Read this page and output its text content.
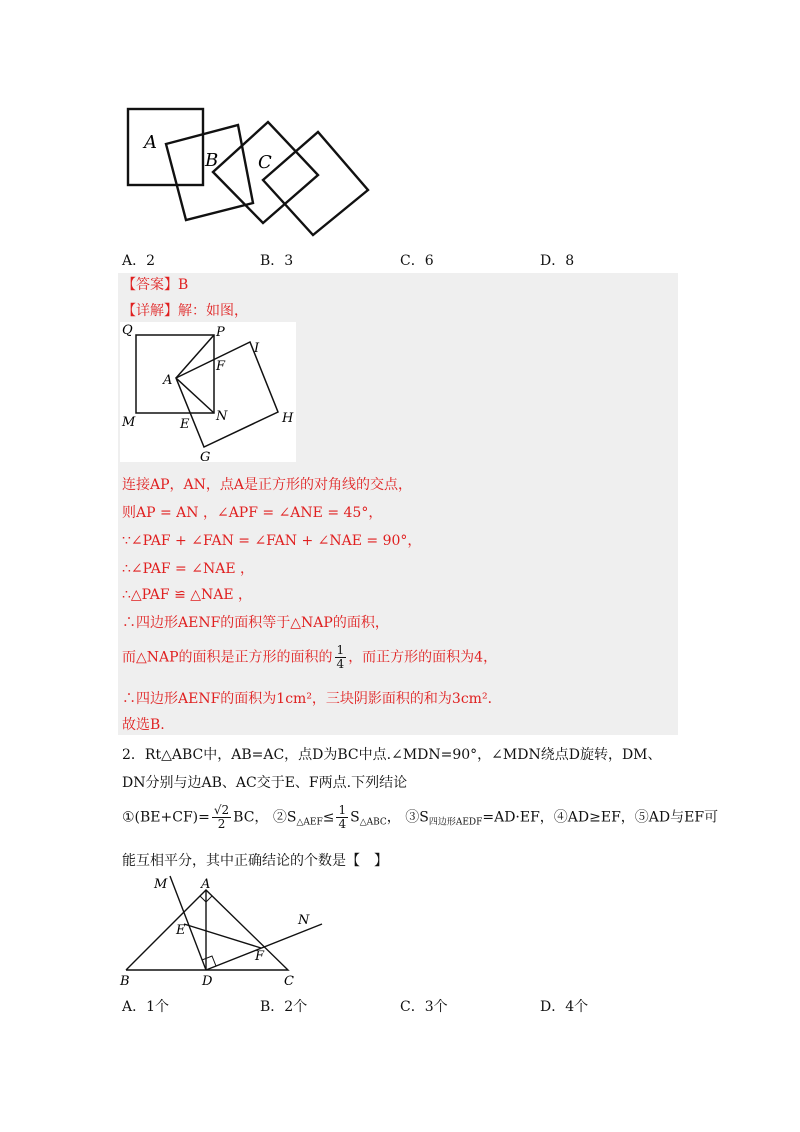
A
B C
A．2	B．3	C．6	D．8
【答案】B
【详解】解：如图，
Q	P
I
A
F
M	N
E	H
G
连接AP，AN，点A是正方形的对角线的交点，
则AP = AN ，∠APF = ∠ANE = 45°，
∵∠PAF + ∠FAN = ∠FAN + ∠NAE = 90°，
∴∠PAF = ∠NAE ，
∴△PAF ≌ △NAE ，
∴四边形AENF的面积等于△NAP的面积，
而△NAP的面积是正方形的面积的 $\frac{1}{4}$ ，而正方形的面积为4，
∴四边形AENF的面积为1cm²，三块阴影面积的和为3cm²．
故选B.
2．Rt△ABC中，AB=AC，点D为BC中点.∠MDN=90°，∠MDN绕点D旋转，DM、
DN分别与边AB、AC交于E、F两点.下列结论
①(BE+CF)= $\frac{√2}{2}$ BC， $②S_{\triangle AEF}\le \frac{1}{4} S_{\triangle ABC}$， $③S_{四边形AEDF}=AD\cdot EF$，④AD≥EF，⑤AD与EF可
能互相平分，其中正确结论的个数是【　】
M	A
N
E
F
B	D	C
A．1个	B．2个	C．3个	D．4个
